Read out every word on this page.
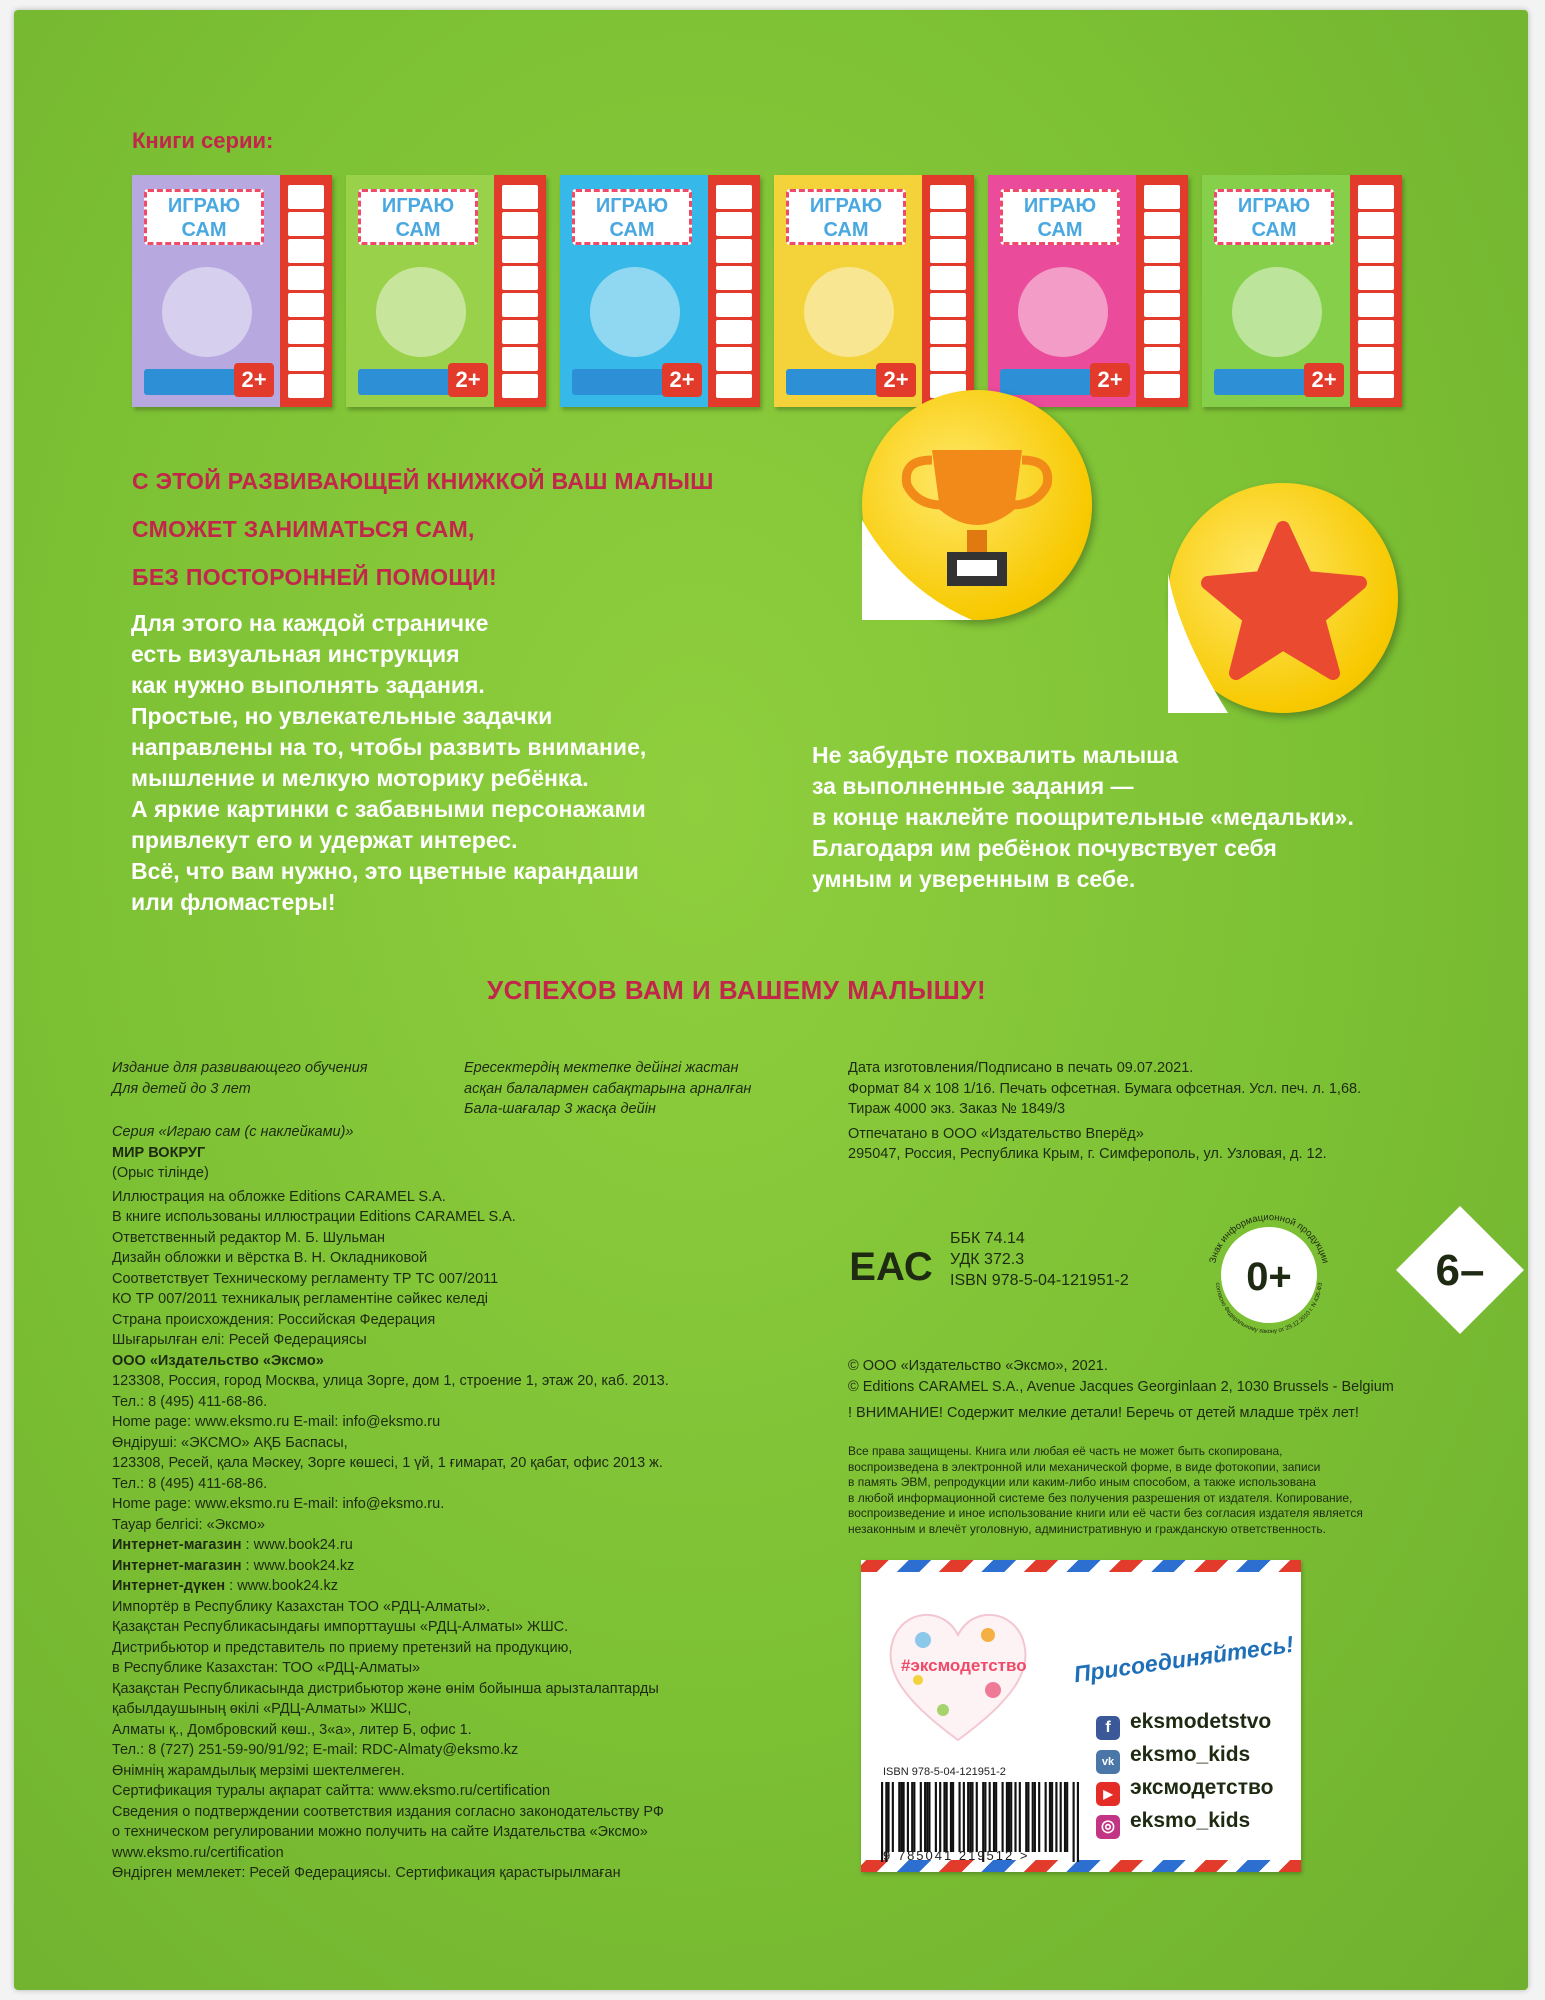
Книги серии:
ИГРАЮ САМ
2+
ИГРАЮ САМ
2+
ИГРАЮ САМ
2+
ИГРАЮ САМ
2+
ИГРАЮ САМ
2+
ИГРАЮ САМ
2+
С ЭТОЙ РАЗВИВАЮЩЕЙ КНИЖКОЙ ВАШ МАЛЫШ
СМОЖЕТ ЗАНИМАТЬСЯ САМ,
БЕЗ ПОСТОРОННЕЙ ПОМОЩИ!
Для этого на каждой страничке
есть визуальная инструкция
как нужно выполнять задания.
Простые, но увлекательные задачки
направлены на то, чтобы развить внимание,
мышление и мелкую моторику ребёнка.
А яркие картинки с забавными персонажами
привлекут его и удержат интерес.
Всё, что вам нужно, это цветные карандаши
или фломастеры!
Не забудьте похвалить малыша
за выполненные задания —
в конце наклейте поощрительные «медальки».
Благодаря им ребёнок почувствует себя
умным и уверенным в себе.
УСПЕХОВ ВАМ И ВАШЕМУ МАЛЫШУ!
Издание для развивающего обучения
Для детей до 3 лет
Ересектердің мектепке дейінгі жастан
асқан балалармен сабақтарына арналған
Бала-шағалар 3 жасқа дейін
Дата изготовления/Подписано в печать 09.07.2021.
Формат 84 x 108 1/16. Печать офсетная. Бумага офсетная. Усл. печ. л. 1,68.
Тираж 4000 экз. Заказ № 1849/3
Отпечатано в ООО «Издательство Вперёд»
295047, Россия, Республика Крым, г. Симферополь, ул. Узловая, д. 12.
Серия «Играю сам (с наклейками)»
МИР ВОКРУГ
(Орыс тілінде)
Иллюстрация на обложке Editions CARAMEL S.A.
В книге использованы иллюстрации Editions CARAMEL S.A.
Ответственный редактор М. Б. Шульман
Дизайн обложки и вёрстка В. Н. Окладниковой
Соответствует Техническому регламенту ТР ТС 007/2011
КО ТР 007/2011 техникалық регламентіне сәйкес келеді
Страна происхождения: Российская Федерация
Шығарылған елі: Ресей Федерациясы
ООО «Издательство «Эксмо»
123308, Россия, город Москва, улица Зорге, дом 1, строение 1, этаж 20, каб. 2013.
Тел.: 8 (495) 411-68-86.
Home page: www.eksmo.ru E-mail: info@eksmo.ru
Өндіруші: «ЭКСМО» АҚБ Баспасы,
123308, Ресей, қала Мәскеу, Зорге көшесі, 1 үй, 1 ғимарат, 20 қабат, офис 2013 ж.
Тел.: 8 (495) 411-68-86.
Home page: www.eksmo.ru E-mail: info@eksmo.ru.
Тауар белгісі: «Эксмо»
Интернет-магазин : www.book24.ru
Интернет-магазин : www.book24.kz
Интернет-дүкен : www.book24.kz
Импортёр в Республику Казахстан ТОО «РДЦ-Алматы».
Қазақстан Республикасындағы импорттаушы «РДЦ-Алматы» ЖШС.
Дистрибьютор и представитель по приему претензий на продукцию,
в Республике Казахстан: ТОО «РДЦ-Алматы»
Қазақстан Республикасында дистрибьютор және өнім бойынша арызталаптарды
қабылдаушының өкілі «РДЦ-Алматы» ЖШС,
Алматы қ., Домбровский көш., 3«а», литер Б, офис 1.
Тел.: 8 (727) 251-59-90/91/92; E-mail: RDC-Almaty@eksmo.kz
Өнімнің жарамдылық мерзімі шектелмеген.
Сертификация туралы ақпарат сайтта: www.eksmo.ru/certification
Сведения о подтверждении соответствия издания согласно законодательству РФ
о техническом регулировании можно получить на сайте Издательства «Эксмо»
www.eksmo.ru/certification
Өндірген мемлекет: Ресей Федерациясы. Сертификация қарастырылмаған
ЕАС
ББК 74.14
УДК 372.3
ISBN 978-5-04-121951-2
Знак информационной продукции
согласно Федеральному закону от 29.12.2010 г. N 436-ФЗ
0+	6–
© ООО «Издательство «Эксмо», 2021.
© Editions CARAMEL S.A., Avenue Jacques Georginlaan 2, 1030 Brussels - Belgium
! ВНИМАНИЕ! Содержит мелкие детали! Беречь от детей младше трёх лет!
Все права защищены. Книга или любая её часть не может быть скопирована,
воспроизведена в электронной или механической форме, в виде фотокопии, записи
в память ЭВМ, репродукции или каким-либо иным способом, а также использована
в любой информационной системе без получения разрешения от издателя. Копирование,
воспроизведение и иное использование книги или её части без согласия издателя является
незаконным и влечёт уголовную, административную и гражданскую ответственность.
#эксмодетство Присоединяйтесь!
f eksmodetstvo
vk eksmo_kids
▶ эксмодетство
◎ eksmo_kids
ISBN 978-5-04-121951-2
9 785041 219512 >
